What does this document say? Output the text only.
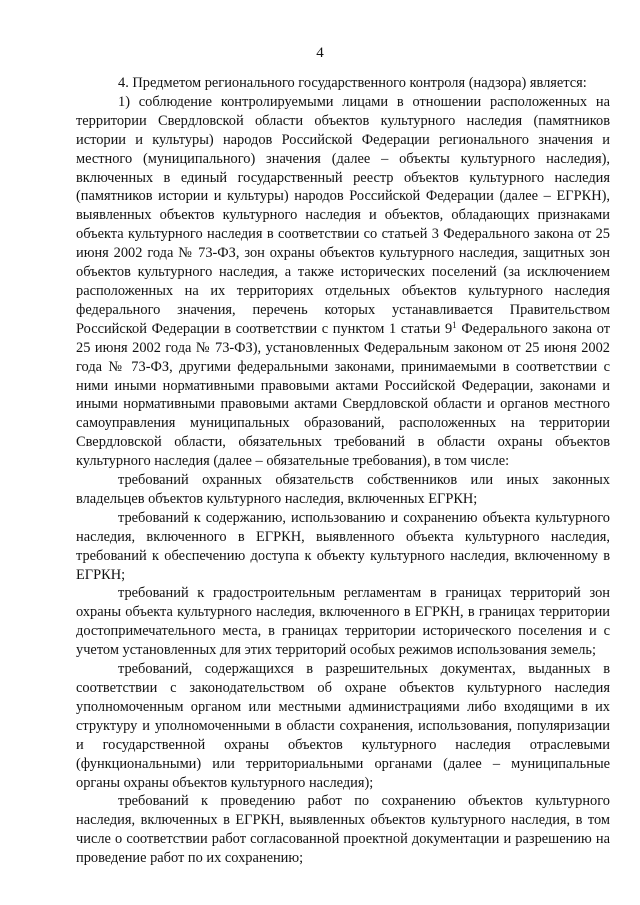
4

4. Предметом регионального государственного контроля (надзора) является:

1) соблюдение контролируемыми лицами в отношении расположенных на территории Свердловской области объектов культурного наследия (памятников истории и культуры) народов Российской Федерации регионального значения и местного (муниципального) значения (далее – объекты культурного наследия), включенных в единый государственный реестр объектов культурного наследия (памятников истории и культуры) народов Российской Федерации (далее – ЕГРКН), выявленных объектов культурного наследия и объектов, обладающих признаками объекта культурного наследия в соответствии со статьей 3 Федерального закона от 25 июня 2002 года № 73-ФЗ, зон охраны объектов культурного наследия, защитных зон объектов культурного наследия, а также исторических поселений (за исключением расположенных на их территориях отдельных объектов культурного наследия федерального значения, перечень которых устанавливается Правительством Российской Федерации в соответствии с пунктом 1 статьи $9^1$ Федерального закона от 25 июня 2002 года № 73-ФЗ), установленных Федеральным законом от 25 июня 2002 года № 73-ФЗ, другими федеральными законами, принимаемыми в соответствии с ними иными нормативными правовыми актами Российской Федерации, законами и иными нормативными правовыми актами Свердловской области и органов местного самоуправления муниципальных образований, расположенных на территории Свердловской области, обязательных требований в области охраны объектов культурного наследия (далее – обязательные требования), в том числе:

требований охранных обязательств собственников или иных законных владельцев объектов культурного наследия, включенных ЕГРКН;

требований к содержанию, использованию и сохранению объекта культурного наследия, включенного в ЕГРКН, выявленного объекта культурного наследия, требований к обеспечению доступа к объекту культурного наследия, включенному в ЕГРКН;

требований к градостроительным регламентам в границах территорий зон охраны объекта культурного наследия, включенного в ЕГРКН, в границах территории достопримечательного места, в границах территории исторического поселения и с учетом установленных для этих территорий особых режимов использования земель;

требований, содержащихся в разрешительных документах, выданных в соответствии с законодательством об охране объектов культурного наследия уполномоченным органом или местными администрациями либо входящими в их структуру и уполномоченными в области сохранения, использования, популяризации и государственной охраны объектов культурного наследия отраслевыми (функциональными) или территориальными органами (далее – муниципальные органы охраны объектов культурного наследия);

требований к проведению работ по сохранению объектов культурного наследия, включенных в ЕГРКН, выявленных объектов культурного наследия, в том числе о соответствии работ согласованной проектной документации и разрешению на проведение работ по их сохранению;
